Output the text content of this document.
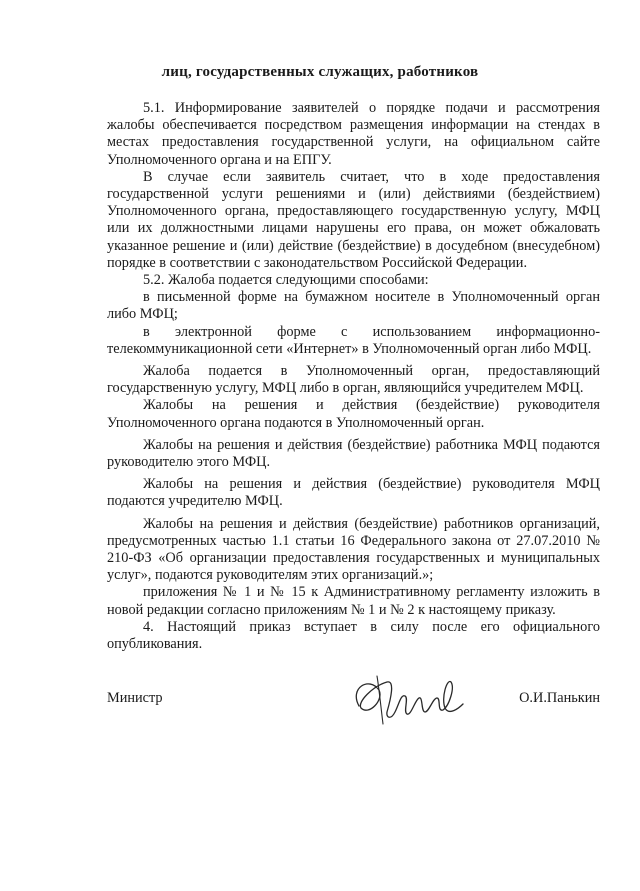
лиц, государственных служащих, работников

5.1. Информирование заявителей о порядке подачи и рассмотрения жалобы обеспечивается посредством размещения информации на стендах в местах предоставления государственной услуги, на официальном сайте Уполномоченного органа и на ЕПГУ.

В случае если заявитель считает, что в ходе предоставления государственной услуги решениями и (или) действиями (бездействием) Уполномоченного органа, предоставляющего государственную услугу, МФЦ или их должностными лицами нарушены его права, он может обжаловать указанное решение и (или) действие (бездействие) в досудебном (внесудебном) порядке в соответствии с законодательством Российской Федерации.

5.2. Жалоба подается следующими способами:

в письменной форме на бумажном носителе в Уполномоченный орган либо МФЦ;

в электронной форме с использованием информационно-телекоммуникационной сети «Интернет» в Уполномоченный орган либо МФЦ.

Жалоба подается в Уполномоченный орган, предоставляющий государственную услугу, МФЦ либо в орган, являющийся учредителем МФЦ.

Жалобы на решения и действия (бездействие) руководителя Уполномоченного органа подаются в Уполномоченный орган.

Жалобы на решения и действия (бездействие) работника МФЦ подаются руководителю этого МФЦ.

Жалобы на решения и действия (бездействие) руководителя МФЦ подаются учредителю МФЦ.

Жалобы на решения и действия (бездействие) работников организаций, предусмотренных частью 1.1 статьи 16 Федерального закона от 27.07.2010 № 210-ФЗ «Об организации предоставления государственных и муниципальных услуг», подаются руководителям этих организаций.»;

приложения № 1 и № 15 к Административному регламенту изложить в новой редакции согласно приложениям № 1 и № 2 к настоящему приказу.

4. Настоящий приказ вступает в силу после его официального опубликования.

Министр	О.И.Панькин
